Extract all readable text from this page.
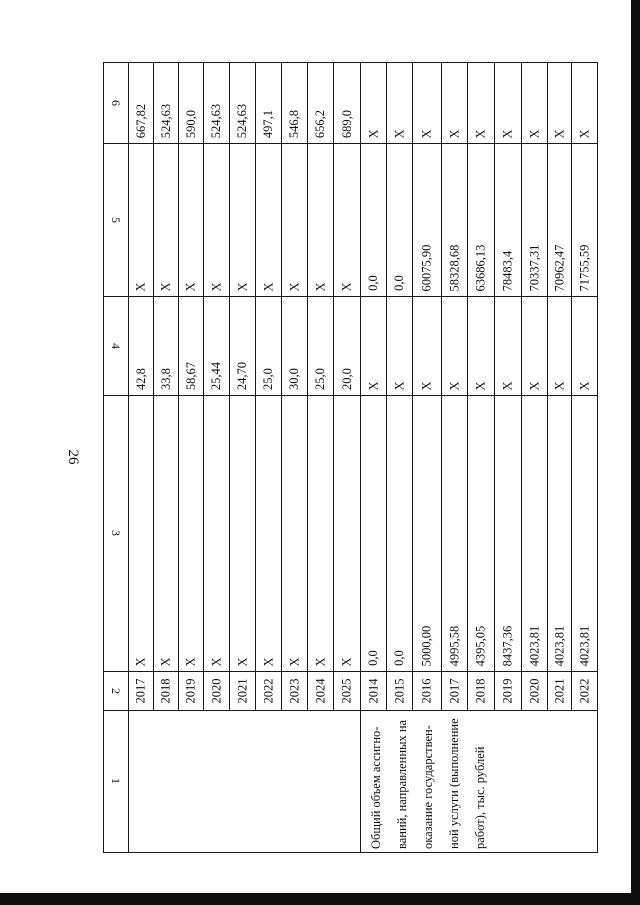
26
1
2
3
4
5
6
Общий объем ассигно- ваний, направленных на оказание государствен- ной услуги (выполнение работ), тыс. рублей
Х
42,8
Х
667,82
Х
33,8
Х
524,63
Х
58,67
Х
590,0
Х
25,44
Х
524,63
Х
24,70
Х
524,63
Х
25,0
Х
497,1
Х
30,0
Х
546,8
Х
25,0
Х
656,2
Х
20,0
Х
689,0
0,0
Х
0,0
Х
0,0
Х
0,0
Х
5000,00
Х
60075,90
Х
4995,58
Х
58328,68
Х
4395,05
Х
63686,13
Х
8437,36
Х
78483,4
Х
4023,81
Х
70337,31
Х
4023,81
Х
70962,47
Х
4023,81
Х
71755,59
Х
2017 2018 2019 2020 2021 2022 2023 2024 2025 2014 2015 2016 2017 2018 2019 2020 2021 2022
